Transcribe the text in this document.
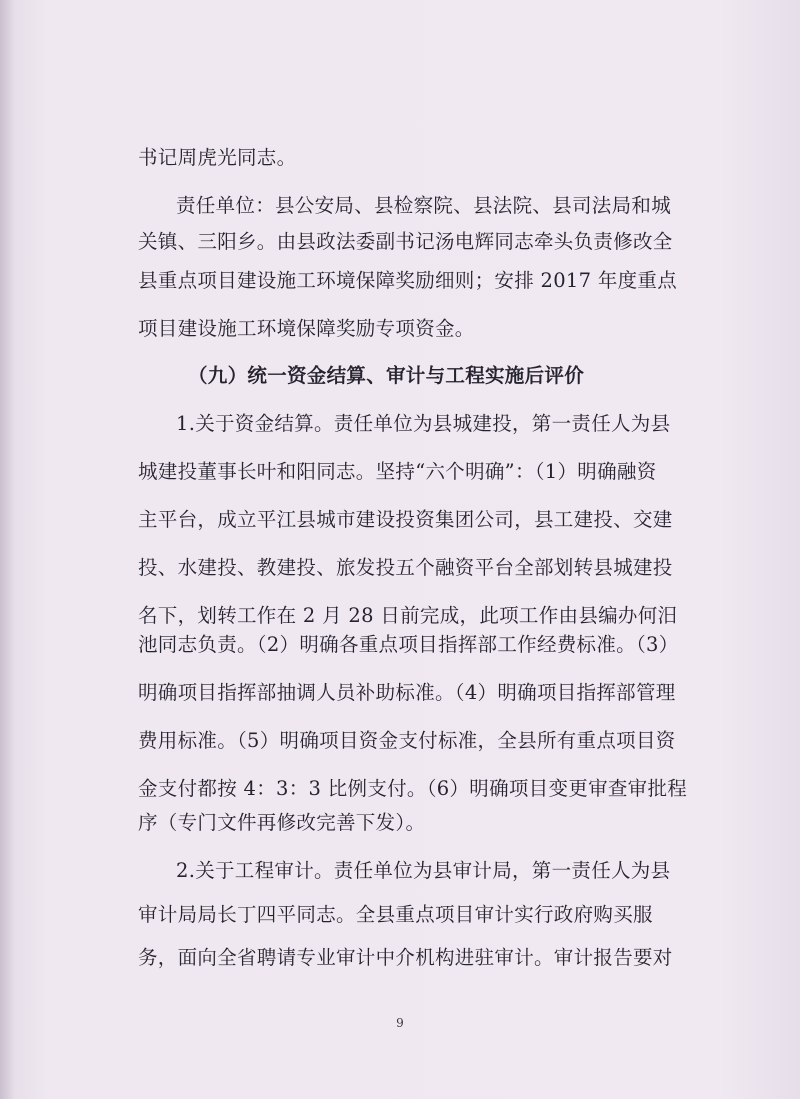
书记周虎光同志。
责任单位：县公安局、县检察院、县法院、县司法局和城
关镇、三阳乡。由县政法委副书记汤电辉同志牵头负责修改全
县重点项目建设施工环境保障奖励细则；安排 2017 年度重点
项目建设施工环境保障奖励专项资金。
（九）统一资金结算、审计与工程实施后评价
1.关于资金结算。责任单位为县城建投，第一责任人为县
城建投董事长叶和阳同志。坚持“六个明确”：（1）明确融资
主平台，成立平江县城市建设投资集团公司，县工建投、交建
投、水建投、教建投、旅发投五个融资平台全部划转县城建投
名下，划转工作在 2 月 28 日前完成，此项工作由县编办何汨
池同志负责。（2）明确各重点项目指挥部工作经费标准。（3）
明确项目指挥部抽调人员补助标准。（4）明确项目指挥部管理
费用标准。（5）明确项目资金支付标准，全县所有重点项目资
金支付都按 4：3：3 比例支付。（6）明确项目变更审查审批程
序（专门文件再修改完善下发）。
2.关于工程审计。责任单位为县审计局，第一责任人为县
审计局局长丁四平同志。全县重点项目审计实行政府购买服
务，面向全省聘请专业审计中介机构进驻审计。审计报告要对
9
